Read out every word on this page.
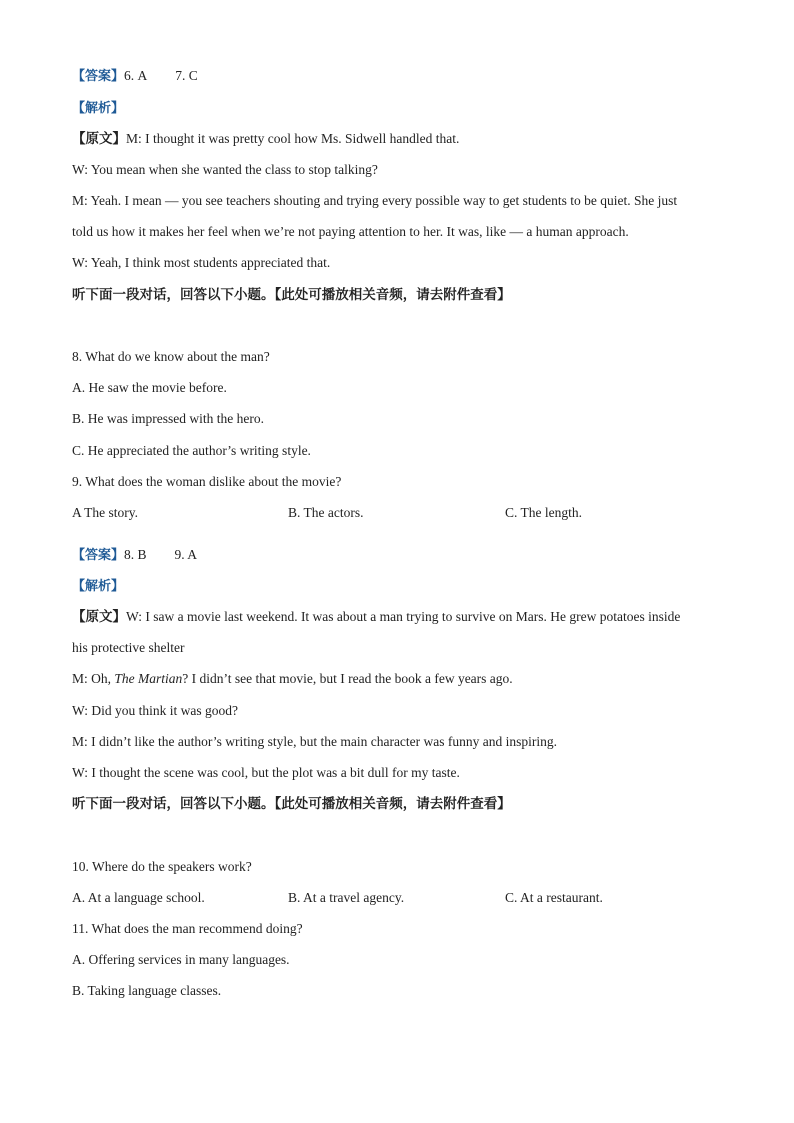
【答案】6. A 7. C
【解析】
【原文】M: I thought it was pretty cool how Ms. Sidwell handled that.
W: You mean when she wanted the class to stop talking?
M: Yeah. I mean — you see teachers shouting and trying every possible way to get students to be quiet. She just
told us how it makes her feel when we’re not paying attention to her. It was, like — a human approach.
W: Yeah, I think most students appreciated that.
听下面一段对话，回答以下小题。【此处可播放相关音频，请去附件查看】
8. What do we know about the man?
A. He saw the movie before.
B. He was impressed with the hero.
C. He appreciated the author’s writing style.
9. What does the woman dislike about the movie?
A The story.	B. The actors.	C. The length.
【答案】8. B 9. A
【解析】
【原文】W: I saw a movie last weekend. It was about a man trying to survive on Mars. He grew potatoes inside
his protective shelter
M: Oh, The Martian? I didn’t see that movie, but I read the book a few years ago.
W: Did you think it was good?
M: I didn’t like the author’s writing style, but the main character was funny and inspiring.
W: I thought the scene was cool, but the plot was a bit dull for my taste.
听下面一段对话，回答以下小题。【此处可播放相关音频，请去附件查看】
10. Where do the speakers work?
A. At a language school.	B. At a travel agency.	C. At a restaurant.
11. What does the man recommend doing?
A. Offering services in many languages.
B. Taking language classes.
